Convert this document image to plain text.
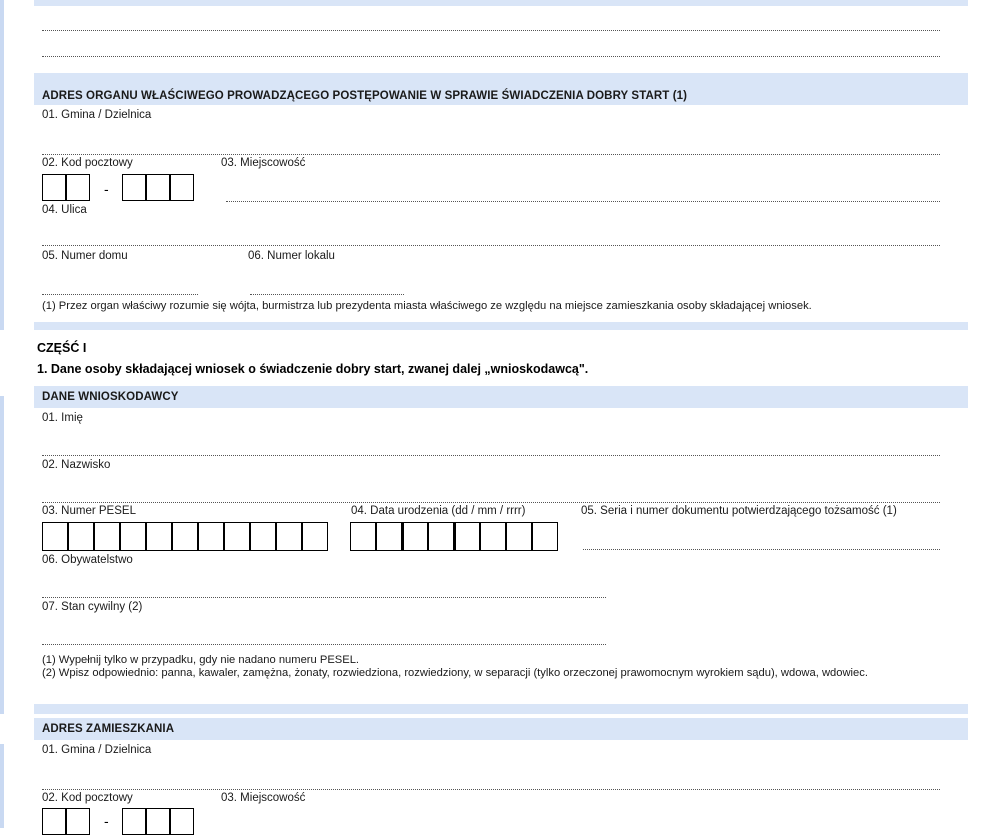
ADRES ORGANU WŁAŚCIWEGO PROWADZĄCEGO POSTĘPOWANIE W SPRAWIE ŚWIADCZENIA DOBRY START (1)
01. Gmina / Dzielnica
02. Kod pocztowy	03. Miejscowość
-
04. Ulica
05. Numer domu	06. Numer lokalu
(1) Przez organ właściwy rozumie się wójta, burmistrza lub prezydenta miasta właściwego ze względu na miejsce zamieszkania osoby składającej wniosek.
CZĘŚĆ I
1. Dane osoby składającej wniosek o świadczenie dobry start, zwanej dalej „wnioskodawcą".
DANE WNIOSKODAWCY
01. Imię
02. Nazwisko
03. Numer PESEL	04. Data urodzenia (dd / mm / rrrr)	05. Seria i numer dokumentu potwierdzającego tożsamość (1)
06. Obywatelstwo
07. Stan cywilny (2)
(1) Wypełnij tylko w przypadku, gdy nie nadano numeru PESEL.
(2) Wpisz odpowiednio: panna, kawaler, zamężna, żonaty, rozwiedziona, rozwiedziony, w separacji (tylko orzeczonej prawomocnym wyrokiem sądu), wdowa, wdowiec.
ADRES ZAMIESZKANIA
01. Gmina / Dzielnica
02. Kod pocztowy	03. Miejscowość
-
